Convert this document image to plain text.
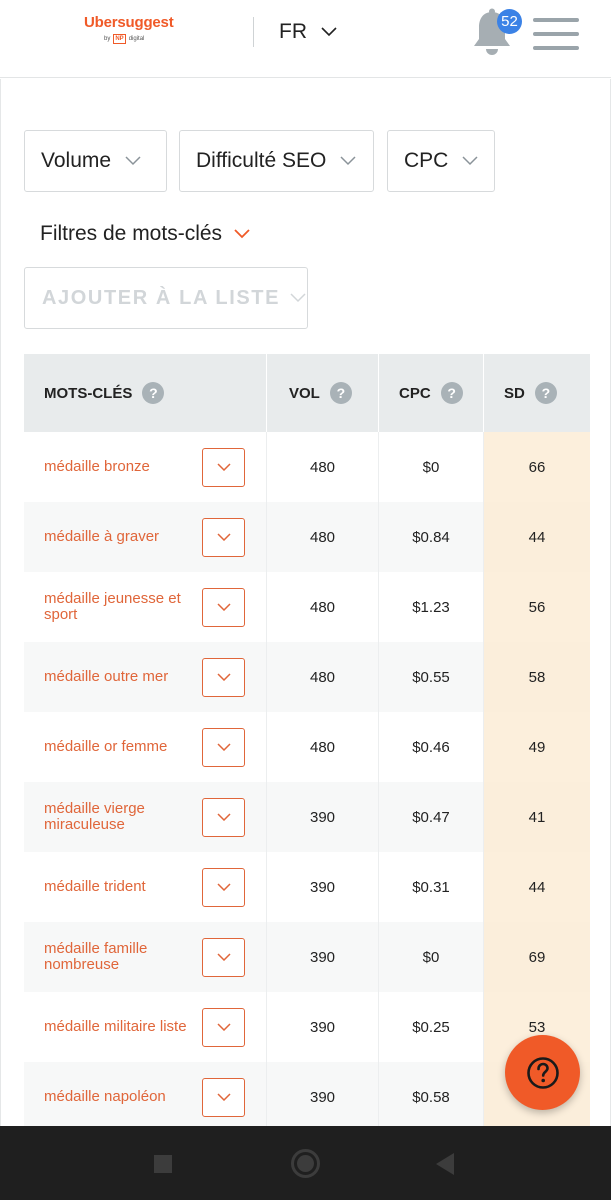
Ubersuggest
by NP digital	FR	52
Volume	Difficulté SEO	CPC
Filtres de mots-clés
AJOUTER À LA LISTE
MOTS-CLÉS	?	VOL	?	CPC	?	SD	?
médaille bronze	480	$0	66
médaille à graver	480	$0.84	44
médaille jeunesse et sport	480	$1.23	56
médaille outre mer	480	$0.55	58
médaille or femme	480	$0.46	49
médaille vierge miraculeuse	390	$0.47	41
médaille trident	390	$0.31	44
médaille famille nombreuse	390	$0	69
médaille militaire liste	390	$0.25	53
médaille napoléon	390	$0.58
